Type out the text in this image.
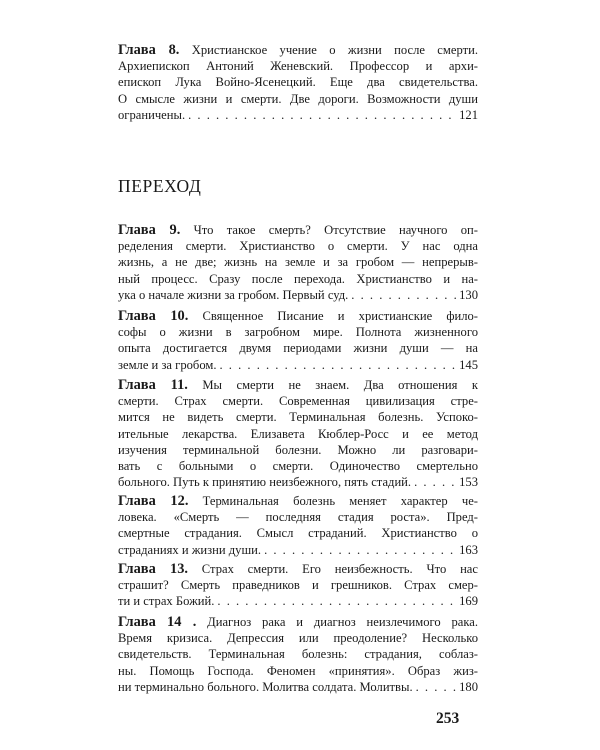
Глава 8. Христианское учение о жизни после смерти.
Архиепископ Антоний Женевский. Профессор и архи-
епископ Лука Войно-Ясенецкий. Еще два свидетельства.
О смысле жизни и смерти. Две дороги. Возможности души
ограничены. . . .	121
ПЕРЕХОД
Глава 9. Что такое смерть? Отсутствие научного оп-
ределения смерти. Христианство о смерти. У нас одна
жизнь, а не две; жизнь на земле и за гробом — непрерыв-
ный процесс. Сразу после перехода. Христианство и на-
ука о начале жизни за гробом. Первый суд. . . .	130
Глава 10. Священное Писание и христианские фило-
софы о жизни в загробном мире. Полнота жизненного
опыта достигается двумя периодами жизни души — на
земле и за гробом. . . .	145
Глава 11. Мы смерти не знаем. Два отношения к
смерти. Страх смерти. Современная цивилизация стре-
мится не видеть смерти. Терминальная болезнь. Успоко-
ительные лекарства. Елизавета Кюблер-Росс и ее метод
изучения терминальной болезни. Можно ли разговари-
вать с больными о смерти. Одиночество смертельно
больного. Путь к принятию неизбежного, пять стадий. . . .	153
Глава 12. Терминальная болезнь меняет характер че-
ловека. «Смерть — последняя стадия роста». Пред-
смертные страдания. Смысл страданий. Христианство о
страданиях и жизни души. . . .	163
Глава 13. Страх смерти. Его неизбежность. Что нас
страшит? Смерть праведников и грешников. Страх смер-
ти и страх Божий. . . .	169
Глава 14 . Диагноз рака и диагноз неизлечимого рака.
Время кризиса. Депрессия или преодоление? Несколько
свидетельств. Терминальная болезнь: страдания, соблаз-
ны. Помощь Господа. Феномен «принятия». Образ жиз-
ни терминально больного. Молитва солдата. Молитвы. . . .	180
253
